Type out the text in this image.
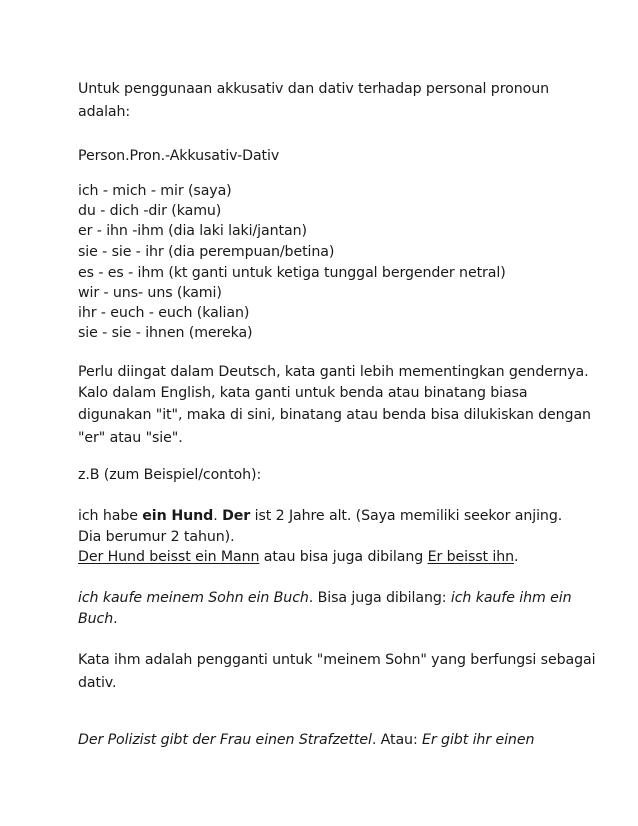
Untuk penggunaan akkusativ dan dativ terhadap personal pronoun

adalah:

Person.Pron.-Akkusativ-Dativ

ich - mich - mir (saya)

du - dich -dir (kamu)

er - ihn -ihm (dia laki laki/jantan)

sie - sie - ihr (dia perempuan/betina)

es - es - ihm (kt ganti untuk ketiga tunggal bergender netral)

wir - uns- uns (kami)

ihr - euch - euch (kalian)

sie - sie - ihnen (mereka)

Perlu diingat dalam Deutsch, kata ganti lebih mementingkan gendernya.

Kalo dalam English, kata ganti untuk benda atau binatang biasa

digunakan "it", maka di sini, binatang atau benda bisa dilukiskan dengan

"er" atau "sie".

z.B (zum Beispiel/contoh):

ich habe ein Hund. Der ist 2 Jahre alt. (Saya memiliki seekor anjing.

Dia berumur 2 tahun).

Der Hund beisst ein Mann atau bisa juga dibilang Er beisst ihn.

ich kaufe meinem Sohn ein Buch. Bisa juga dibilang: ich kaufe ihm ein

Buch.

Kata ihm adalah pengganti untuk "meinem Sohn" yang berfungsi sebagai

dativ.

Der Polizist gibt der Frau einen Strafzettel. Atau: Er gibt ihr einen
